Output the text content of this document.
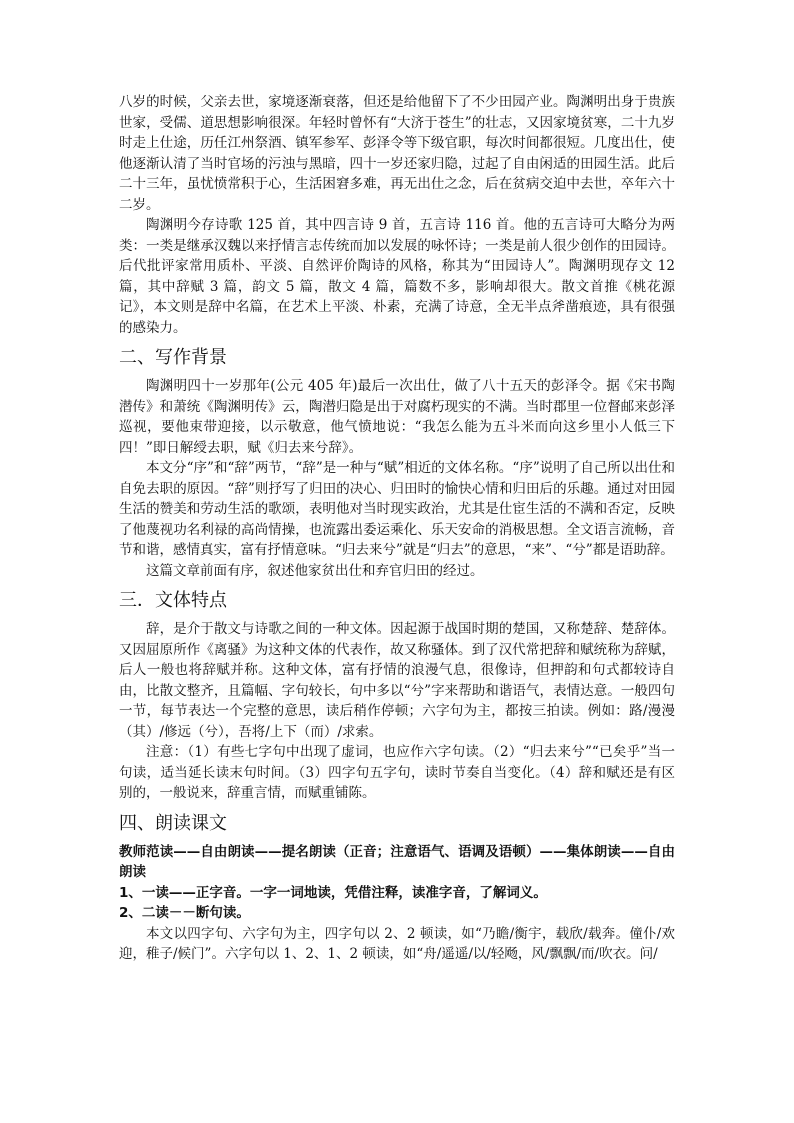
八岁的时候，父亲去世，家境逐渐衰落，但还是给他留下了不少田园产业。陶渊明出身于贵族世家，受儒、道思想影响很深。年轻时曾怀有“大济于苍生”的壮志，又因家境贫寒，二十九岁时走上仕途，历任江州祭酒、镇军参军、彭泽令等下级官职，每次时间都很短。几度出仕，使他逐渐认清了当时官场的污浊与黑暗，四十一岁还家归隐，过起了自由闲适的田园生活。此后二十三年，虽忧愤常积于心，生活困窘多难，再无出仕之念，后在贫病交迫中去世，卒年六十二岁。

陶渊明今存诗歌 125 首，其中四言诗 9 首，五言诗 116 首。他的五言诗可大略分为两类：一类是继承汉魏以来抒情言志传统而加以发展的咏怀诗；一类是前人很少创作的田园诗。后代批评家常用质朴、平淡、自然评价陶诗的风格，称其为“田园诗人”。陶渊明现存文 12 篇，其中辞赋 3 篇，韵文 5 篇，散文 4 篇，篇数不多，影响却很大。散文首推《桃花源记》，本文则是辞中名篇，在艺术上平淡、朴素，充满了诗意，全无半点斧凿痕迹，具有很强的感染力。

二、写作背景

陶渊明四十一岁那年(公元 405 年)最后一次出仕，做了八十五天的彭泽令。据《宋书陶潜传》和萧统《陶渊明传》云，陶潜归隐是出于对腐朽现实的不满。当时郡里一位督邮来彭泽巡视，要他束带迎接，以示敬意，他气愤地说：“我怎么能为五斗米而向这乡里小人低三下四！”即日解绶去职，赋《归去来兮辞》。

本文分“序”和“辞”两节，“辞”是一种与“赋”相近的文体名称。“序”说明了自己所以出仕和自免去职的原因。“辞”则抒写了归田的决心、归田时的愉快心情和归田后的乐趣。通过对田园生活的赞美和劳动生活的歌颂，表明他对当时现实政治，尤其是仕宦生活的不满和否定，反映了他蔑视功名利禄的高尚情操，也流露出委运乘化、乐天安命的消极思想。全文语言流畅，音节和谐，感情真实，富有抒情意味。“归去来兮”就是“归去”的意思，“来”、“兮”都是语助辞。

这篇文章前面有序，叙述他家贫出仕和弃官归田的经过。

三．文体特点

辞，是介于散文与诗歌之间的一种文体。因起源于战国时期的楚国，又称楚辞、楚辞体。又因屈原所作《离骚》为这种文体的代表作，故又称骚体。到了汉代常把辞和赋统称为辞赋，后人一般也将辞赋并称。这种文体，富有抒情的浪漫气息，很像诗，但押韵和句式都较诗自由，比散文整齐，且篇幅、字句较长，句中多以“兮”字来帮助和谐语气，表情达意。一般四句一节，每节表达一个完整的意思，读后稍作停顿；六字句为主，都按三拍读。例如：路/漫漫（其）/修远（兮），吾将/上下（而）/求索。

注意：（1）有些七字句中出现了虚词，也应作六字句读。（2）“归去来兮”“已矣乎”当一句读，适当延长读末句时间。（3）四字句五字句，读时节奏自当变化。（4）辞和赋还是有区别的，一般说来，辞重言情，而赋重铺陈。

四、朗读课文

教师范读——自由朗读——提名朗读（正音；注意语气、语调及语顿）——集体朗读——自由朗读

1、一读——正字音。一字一词地读，凭借注释，读准字音，了解词义。

2、二读－－断句读。

本文以四字句、六字句为主，四字句以 2、2 顿读，如“乃瞻/衡宇，载欣/载奔。僮仆/欢迎，稚子/候门”。六字句以 1、2、1、2 顿读，如“舟/遥遥/以/轻飏，风/飘飘/而/吹衣。问/
